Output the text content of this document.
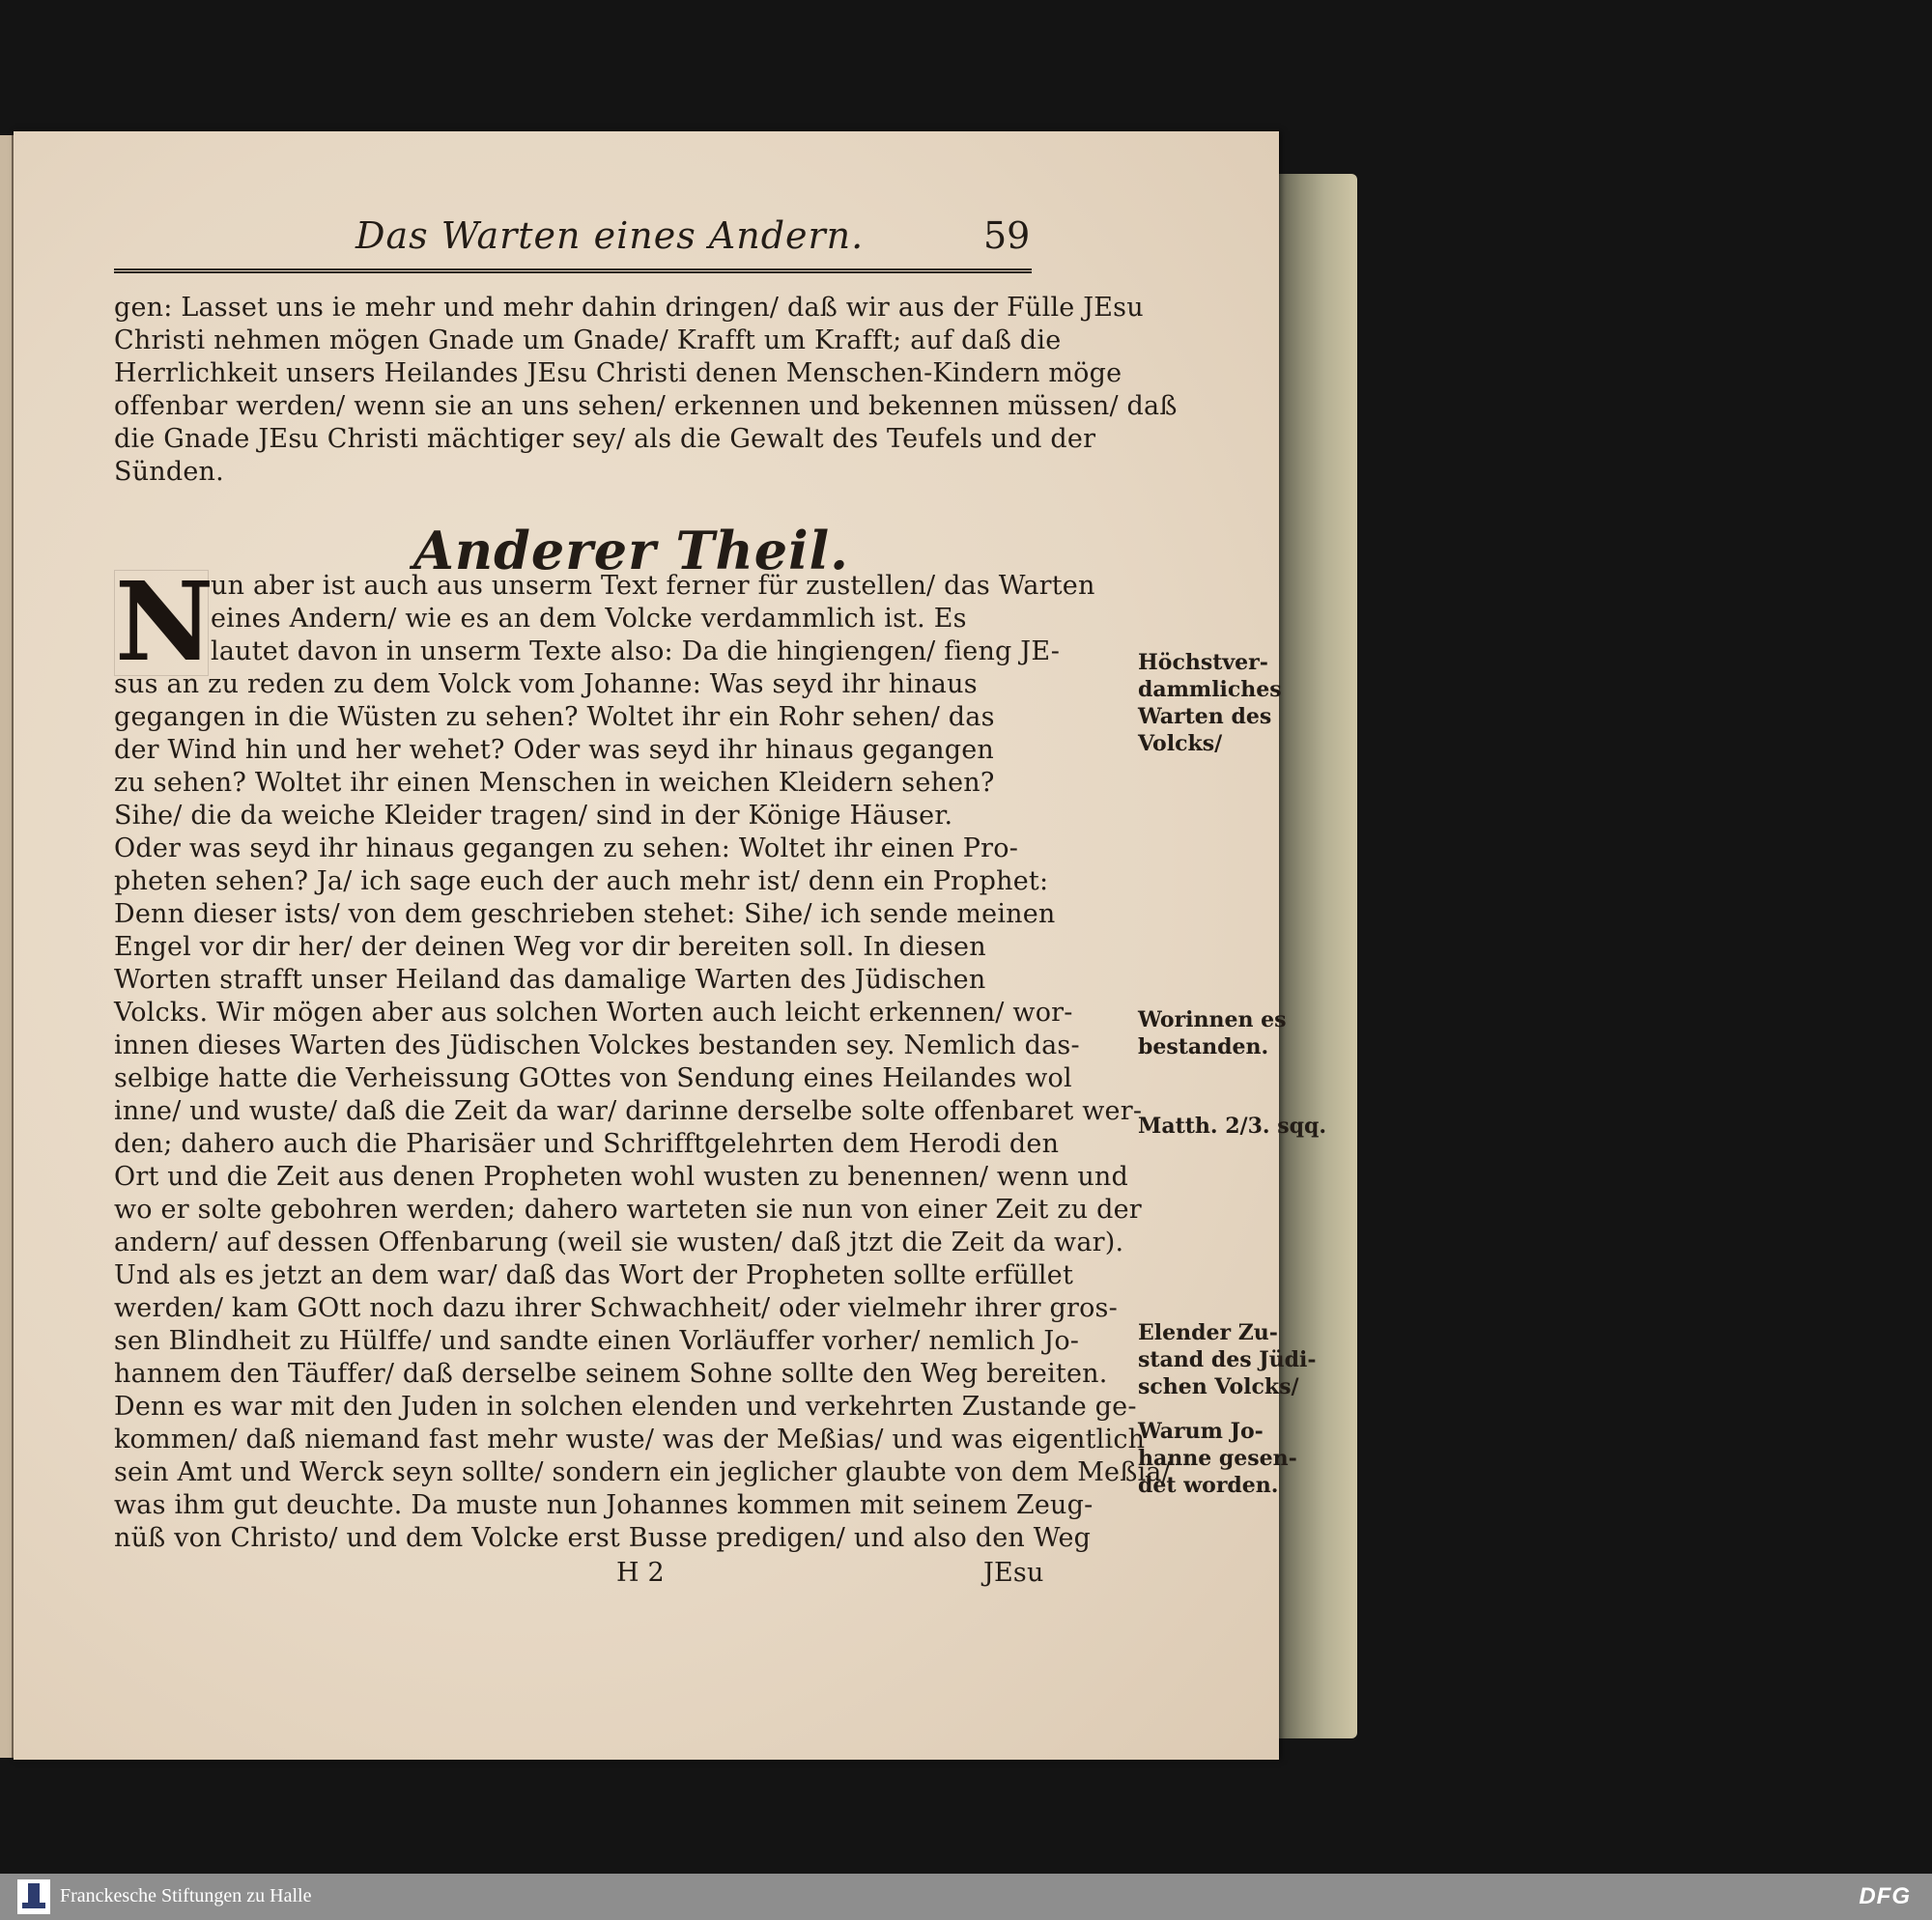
Das Warten eines Andern.	59
gen: Lasset uns ie mehr und mehr dahin dringen/ daß wir aus der Fülle JEsu
Christi nehmen mögen Gnade um Gnade/ Krafft um Krafft; auf daß die
Herrlichkeit unsers Heilandes JEsu Christi denen Menschen-Kindern möge
offenbar werden/ wenn sie an uns sehen/ erkennen und bekennen müssen/ daß
die Gnade JEsu Christi mächtiger sey/ als die Gewalt des Teufels und der
Sünden.
Anderer Theil.
N
un aber ist auch aus unserm Text ferner für zustellen/ das Warten
eines Andern/ wie es an dem Volcke verdammlich ist. Es
lautet davon in unserm Texte also: Da die hingiengen/ fieng JE-
sus an zu reden zu dem Volck vom Johanne: Was seyd ihr hinaus
gegangen in die Wüsten zu sehen? Woltet ihr ein Rohr sehen/ das
der Wind hin und her wehet? Oder was seyd ihr hinaus gegangen
zu sehen? Woltet ihr einen Menschen in weichen Kleidern sehen?
Sihe/ die da weiche Kleider tragen/ sind in der Könige Häuser.
Oder was seyd ihr hinaus gegangen zu sehen: Woltet ihr einen Pro-
pheten sehen? Ja/ ich sage euch der auch mehr ist/ denn ein Prophet:
Denn dieser ists/ von dem geschrieben stehet: Sihe/ ich sende meinen
Engel vor dir her/ der deinen Weg vor dir bereiten soll. In diesen
Worten strafft unser Heiland das damalige Warten des Jüdischen
Volcks. Wir mögen aber aus solchen Worten auch leicht erkennen/ wor-
innen dieses Warten des Jüdischen Volckes bestanden sey. Nemlich das-
selbige hatte die Verheissung GOttes von Sendung eines Heilandes wol
inne/ und wuste/ daß die Zeit da war/ darinne derselbe solte offenbaret wer-
den; dahero auch die Pharisäer und Schrifftgelehrten dem Herodi den
Ort und die Zeit aus denen Propheten wohl wusten zu benennen/ wenn und
wo er solte gebohren werden; dahero warteten sie nun von einer Zeit zu der
andern/ auf dessen Offenbarung (weil sie wusten/ daß jtzt die Zeit da war).
Und als es jetzt an dem war/ daß das Wort der Propheten sollte erfüllet
werden/ kam GOtt noch dazu ihrer Schwachheit/ oder vielmehr ihrer gros-
sen Blindheit zu Hülffe/ und sandte einen Vorläuffer vorher/ nemlich Jo-
hannem den Täuffer/ daß derselbe seinem Sohne sollte den Weg bereiten.
Denn es war mit den Juden in solchen elenden und verkehrten Zustande ge-
kommen/ daß niemand fast mehr wuste/ was der Meßias/ und was eigentlich
sein Amt und Werck seyn sollte/ sondern ein jeglicher glaubte von dem Meßia/
was ihm gut deuchte. Da muste nun Johannes kommen mit seinem Zeug-
nüß von Christo/ und dem Volcke erst Busse predigen/ und also den Weg
H 2	JEsu
Höchstver-
dammliches
Warten des
Volcks/
Worinnen es
bestanden.
Matth. 2/3. sqq.
Elender Zu-
stand des Jüdi-
schen Volcks/
Warum Jo-
hanne gesen-
det worden.
Franckesche Stiftungen zu Halle	DFG
